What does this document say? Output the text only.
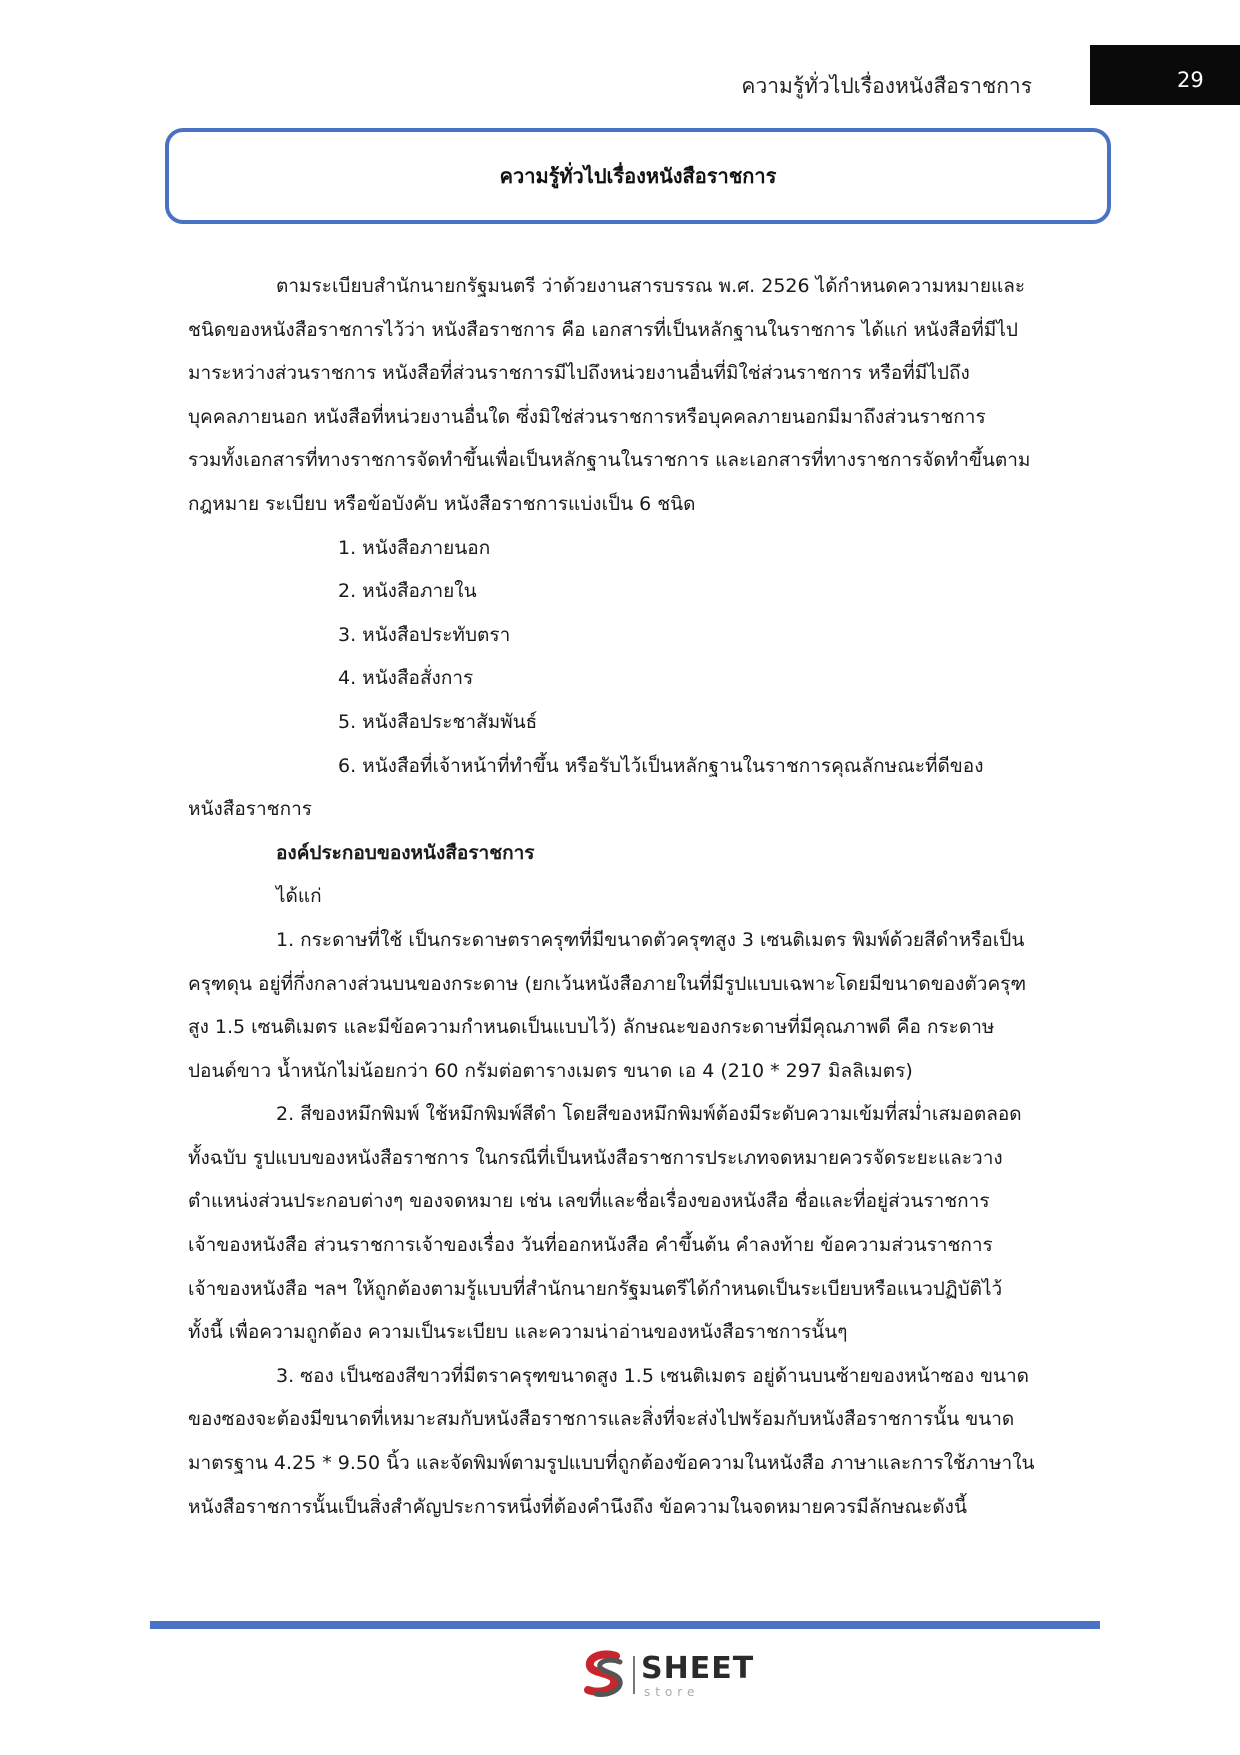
ความรู้ทั่วไปเรื่องหนังสือราชการ	29
ความรู้ทั่วไปเรื่องหนังสือราชการ
ตามระเบียบสำนักนายกรัฐมนตรี ว่าด้วยงานสารบรรณ พ.ศ. 2526 ได้กำหนดความหมายและ
ชนิดของหนังสือราชการไว้ว่า หนังสือราชการ คือ เอกสารที่เป็นหลักฐานในราชการ ได้แก่ หนังสือที่มีไป
มาระหว่างส่วนราชการ หนังสือที่ส่วนราชการมีไปถึงหน่วยงานอื่นที่มิใช่ส่วนราชการ หรือที่มีไปถึง
บุคคลภายนอก หนังสือที่หน่วยงานอื่นใด ซึ่งมิใช่ส่วนราชการหรือบุคคลภายนอกมีมาถึงส่วนราชการ
รวมทั้งเอกสารที่ทางราชการจัดทำขึ้นเพื่อเป็นหลักฐานในราชการ และเอกสารที่ทางราชการจัดทำขึ้นตาม
กฎหมาย ระเบียบ หรือข้อบังคับ หนังสือราชการแบ่งเป็น 6 ชนิด
1. หนังสือภายนอก
2. หนังสือภายใน
3. หนังสือประทับตรา
4. หนังสือสั่งการ
5. หนังสือประชาสัมพันธ์
6. หนังสือที่เจ้าหน้าที่ทำขึ้น หรือรับไว้เป็นหลักฐานในราชการคุณลักษณะที่ดีของ
หนังสือราชการ
องค์ประกอบของหนังสือราชการ
ได้แก่
1. กระดาษที่ใช้ เป็นกระดาษตราครุฑที่มีขนาดตัวครุฑสูง 3 เซนติเมตร พิมพ์ด้วยสีดำหรือเป็น
ครุฑดุน อยู่ที่กึ่งกลางส่วนบนของกระดาษ (ยกเว้นหนังสือภายในที่มีรูปแบบเฉพาะโดยมีขนาดของตัวครุฑ
สูง 1.5 เซนติเมตร และมีข้อความกำหนดเป็นแบบไว้) ลักษณะของกระดาษที่มีคุณภาพดี คือ กระดาษ
ปอนด์ขาว น้ำหนักไม่น้อยกว่า 60 กรัมต่อตารางเมตร ขนาด เอ 4 (210 * 297 มิลลิเมตร)
2. สีของหมึกพิมพ์ ใช้หมึกพิมพ์สีดำ โดยสีของหมึกพิมพ์ต้องมีระดับความเข้มที่สม่ำเสมอตลอด
ทั้งฉบับ รูปแบบของหนังสือราชการ ในกรณีที่เป็นหนังสือราชการประเภทจดหมายควรจัดระยะและวาง
ตำแหน่งส่วนประกอบต่างๆ ของจดหมาย เช่น เลขที่และชื่อเรื่องของหนังสือ ชื่อและที่อยู่ส่วนราชการ
เจ้าของหนังสือ ส่วนราชการเจ้าของเรื่อง วันที่ออกหนังสือ คำขึ้นต้น คำลงท้าย ข้อความส่วนราชการ
เจ้าของหนังสือ ฯลฯ ให้ถูกต้องตามรู้แบบที่สำนักนายกรัฐมนตรีได้กำหนดเป็นระเบียบหรือแนวปฏิบัติไว้
ทั้งนี้ เพื่อความถูกต้อง ความเป็นระเบียบ และความน่าอ่านของหนังสือราชการนั้นๆ
3. ซอง เป็นซองสีขาวที่มีตราครุฑขนาดสูง 1.5 เซนติเมตร อยู่ด้านบนซ้ายของหน้าซอง ขนาด
ของซองจะต้องมีขนาดที่เหมาะสมกับหนังสือราชการและสิ่งที่จะส่งไปพร้อมกับหนังสือราชการนั้น ขนาด
มาตรฐาน 4.25 * 9.50 นิ้ว และจัดพิมพ์ตามรูปแบบที่ถูกต้องข้อความในหนังสือ ภาษาและการใช้ภาษาใน
หนังสือราชการนั้นเป็นสิ่งสำคัญประการหนึ่งที่ต้องคำนึงถึง ข้อความในจดหมายควรมีลักษณะดังนี้
SHEET
store
